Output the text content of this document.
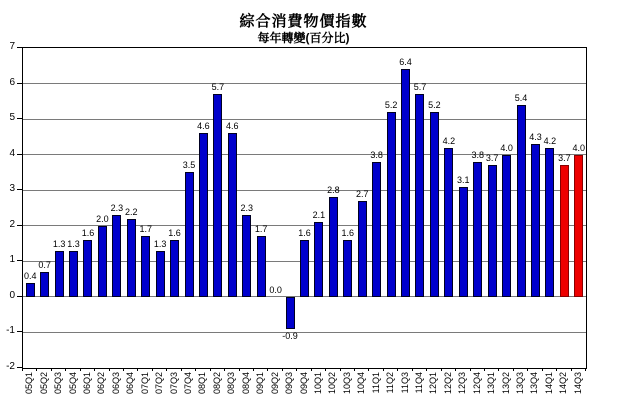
綜合消費物價指數
每年轉變(百分比)
0.4
0.7
1.3 1.3
1.6
2.0
2.3 2.2
1.7
1.3
1.6
3.5
4.6
5.7
4.6
2.3
1.7
0.0
-0.9
1.6
2.1
2.8
1.6
2.7
3.8
5.2
6.4
5.7
5.2
4.2
3.1
3.8 3.7
4.0
5.4
4.3 4.2
3.7
4.0
7
6
5
4
3
2
1
0
-1
-2
05Q1 05Q2 05Q3 05Q4 06Q1 06Q2 06Q3 06Q4 07Q1 07Q2 07Q3 07Q4 08Q1 08Q2 08Q3 08Q4 09Q1 09Q2 09Q3 09Q4 10Q1 10Q2 10Q3 10Q4 11Q1 11Q2 11Q3 11Q4 12Q1 12Q2 12Q3 12Q4 13Q1 13Q2 13Q3 13Q4 14Q1 14Q2 14Q3
